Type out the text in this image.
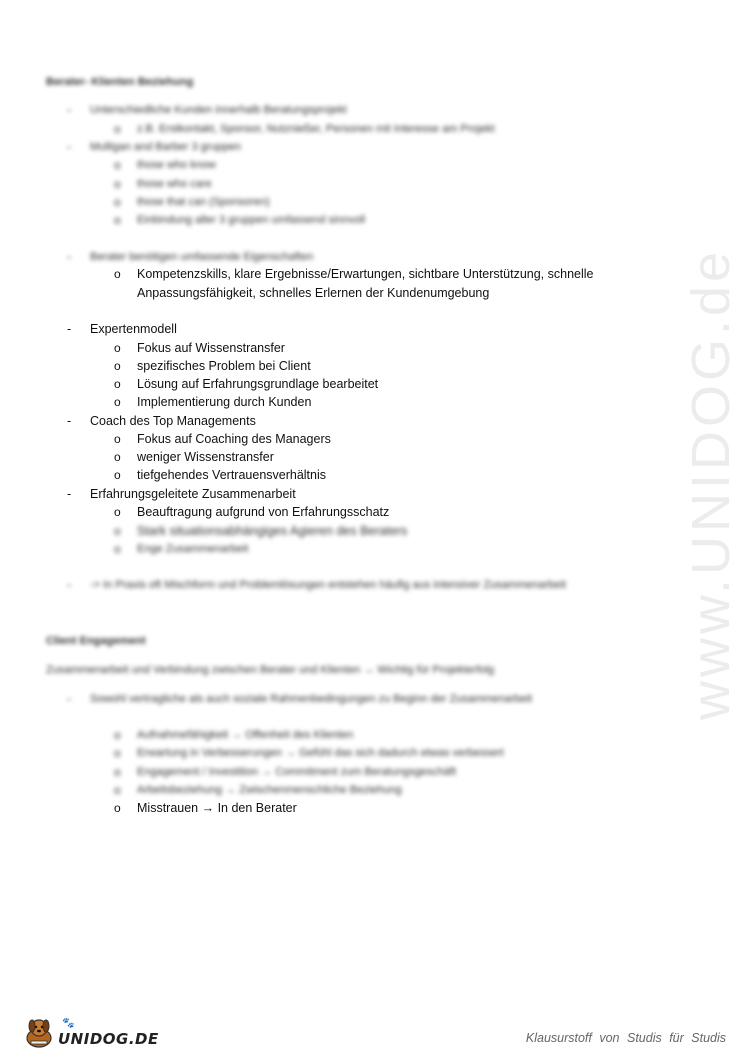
www.UNIDOG.de
Berater- Klienten Beziehung
- Unterschiedliche Kunden innerhalb Beratungsprojekt
o z.B. Erstkontakt, Sponsor, Nutznießer, Personen mit Interesse am Projekt
- Mulligan and Barber 3 gruppen
o those who know
o those who care
o those that can (Sponsoren)
o Einbindung aller 3 gruppen umfassend sinnvoll
- Berater benötigen umfassende Eigenschaften
o Kompetenzskills, klare Ergebnisse/Erwartungen, sichtbare Unterstützung, schnelle
Anpassungsfähigkeit, schnelles Erlernen der Kundenumgebung
- Expertenmodell
o Fokus auf Wissenstransfer
o spezifisches Problem bei Client
o Lösung auf Erfahrungsgrundlage bearbeitet
o Implementierung durch Kunden
- Coach des Top Managements
o Fokus auf Coaching des Managers
o weniger Wissenstransfer
o tiefgehendes Vertrauensverhältnis
- Erfahrungsgeleitete Zusammenarbeit
o Beauftragung aufgrund von Erfahrungsschatz
o Stark situationsabhängiges Agieren des Beraters
o Enge Zusammenarbeit
- -> In Praxis oft Mischform und Problemlösungen entstehen häufig aus intensiver Zusammenarbeit
Client Engagement
Zusammenarbeit und Verbindung zwischen Berater und Klienten → Wichtig für Projekterfolg
- Sowohl vertragliche als auch soziale Rahmenbedingungen zu Beginn der Zusammenarbeit
o Aufnahmefähigkeit → Offenheit des Klienten
o Erwartung in Verbesserungen → Gefühl das sich dadurch etwas verbessert
o Engagement / Investition → Commitment zum Beratungsgeschäft
o Arbeitsbeziehung → Zwischenmenschliche Beziehung
o Misstrauen → In den Berater
🐾
UNIDOG.DE	Klausurstoff von Studis für Studis
